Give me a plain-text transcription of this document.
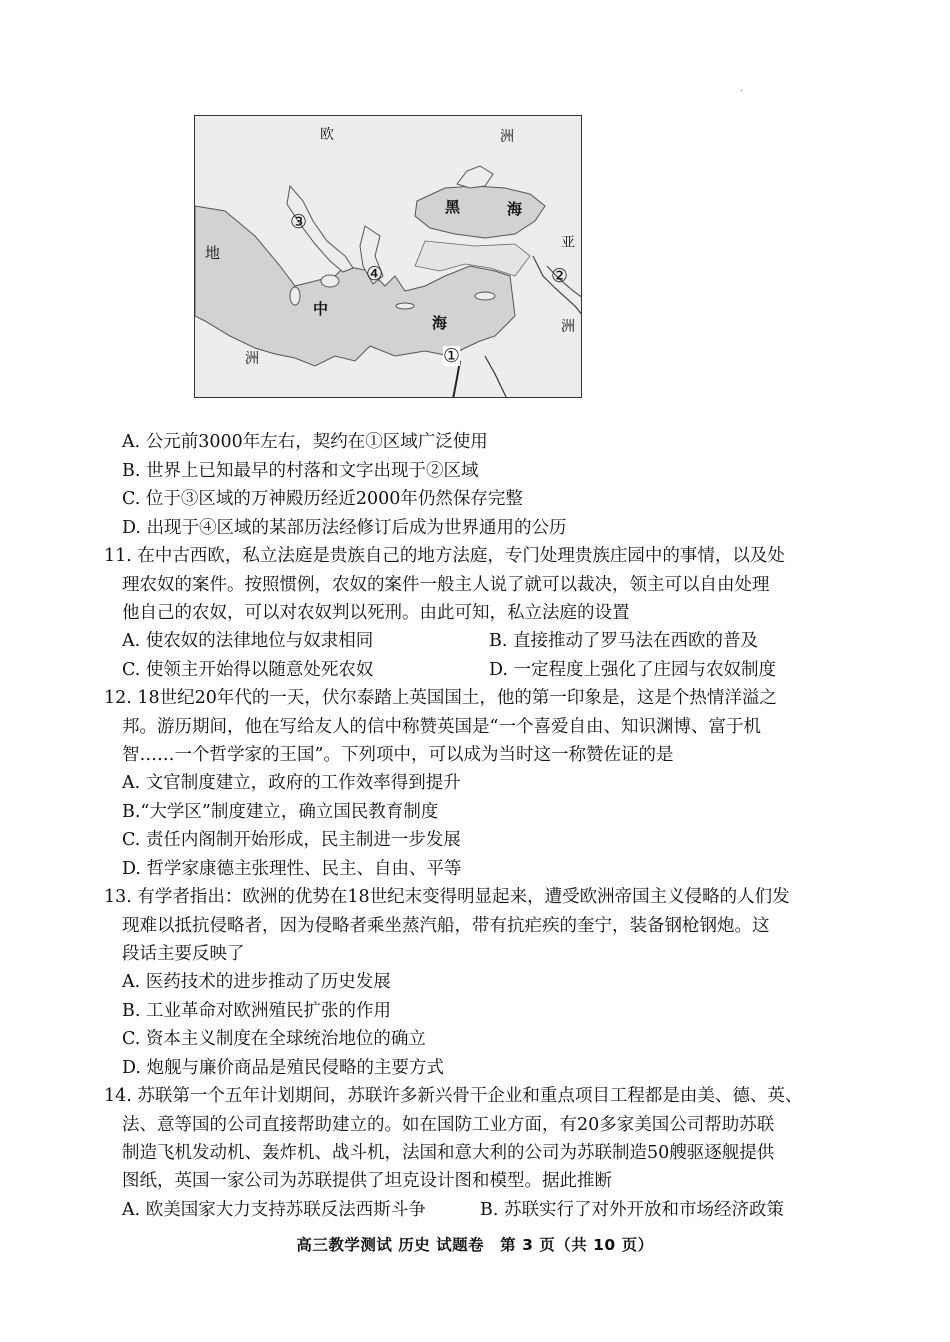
·
欧	洲
黑	海
亚
洲
地
中
海
洲	①
②
③
④
A. 公元前3000年左右，契约在①区域广泛使用
B. 世界上已知最早的村落和文字出现于②区域
C. 位于③区域的万神殿历经近2000年仍然保存完整
D. 出现于④区域的某部历法经修订后成为世界通用的公历
11. 在中古西欧，私立法庭是贵族自己的地方法庭，专门处理贵族庄园中的事情，以及处
理农奴的案件。按照惯例，农奴的案件一般主人说了就可以裁决，领主可以自由处理
他自己的农奴，可以对农奴判以死刑。由此可知，私立法庭的设置
A. 使农奴的法律地位与奴隶相同	B. 直接推动了罗马法在西欧的普及
C. 使领主开始得以随意处死农奴	D. 一定程度上强化了庄园与农奴制度
12. 18世纪20年代的一天，伏尔泰踏上英国国土，他的第一印象是，这是个热情洋溢之
邦。游历期间，他在写给友人的信中称赞英国是“一个喜爱自由、知识渊博、富于机
智……一个哲学家的王国”。下列项中，可以成为当时这一称赞佐证的是
A. 文官制度建立，政府的工作效率得到提升
B.“大学区”制度建立，确立国民教育制度
C. 责任内阁制开始形成，民主制进一步发展
D. 哲学家康德主张理性、民主、自由、平等
13. 有学者指出：欧洲的优势在18世纪末变得明显起来，遭受欧洲帝国主义侵略的人们发
现难以抵抗侵略者，因为侵略者乘坐蒸汽船，带有抗疟疾的奎宁，装备钢枪钢炮。这
段话主要反映了
A. 医药技术的进步推动了历史发展
B. 工业革命对欧洲殖民扩张的作用
C. 资本主义制度在全球统治地位的确立
D. 炮舰与廉价商品是殖民侵略的主要方式
14. 苏联第一个五年计划期间，苏联许多新兴骨干企业和重点项目工程都是由美、德、英、
法、意等国的公司直接帮助建立的。如在国防工业方面，有20多家美国公司帮助苏联
制造飞机发动机、轰炸机、战斗机，法国和意大利的公司为苏联制造50艘驱逐舰提供
图纸，英国一家公司为苏联提供了坦克设计图和模型。据此推断
A. 欧美国家大力支持苏联反法西斯斗争	B. 苏联实行了对外开放和市场经济政策
高三教学测试 历史 试题卷　第 3 页（共 10 页）
